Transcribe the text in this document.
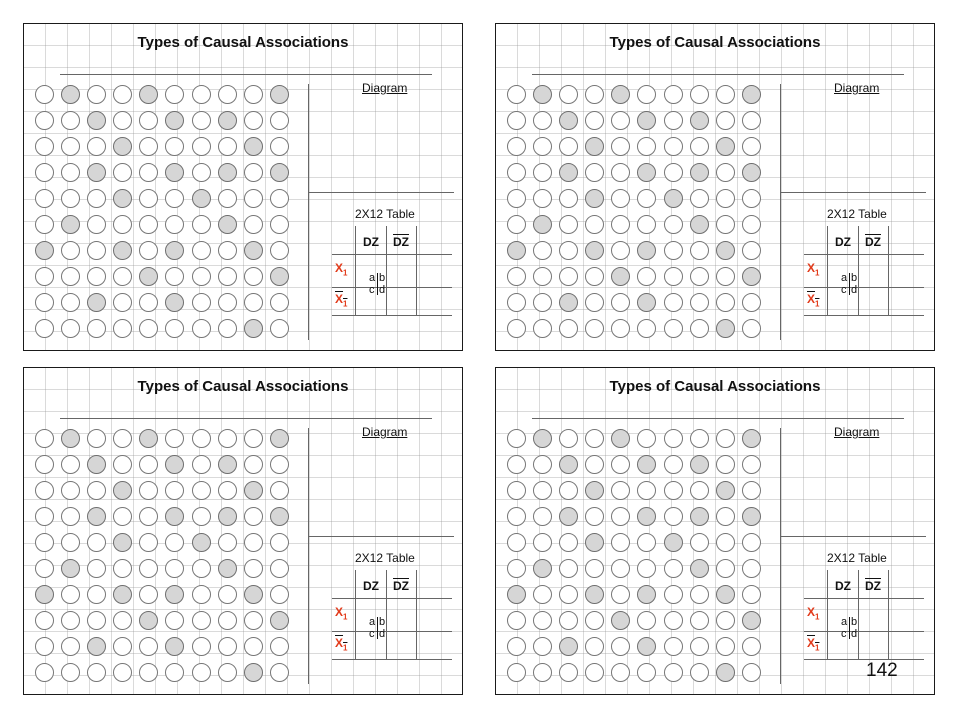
Types of Causal Associations
Diagram
2X12 Table
DZ $\overline{DZ}$
$X_1$
$X_1$
a b
c d
Types of Causal Associations
Diagram
2X12 Table
DZ $\overline{DZ}$
$X_1$
$X_1$
a b
c d
Types of Causal Associations
Diagram
2X12 Table
DZ $\overline{DZ}$
$X_1$
$X_1$
a b
c d
Types of Causal Associations
Diagram
2X12 Table
DZ $\overline{DZ}$
$X_1$
$X_1$
a b
c d
142
